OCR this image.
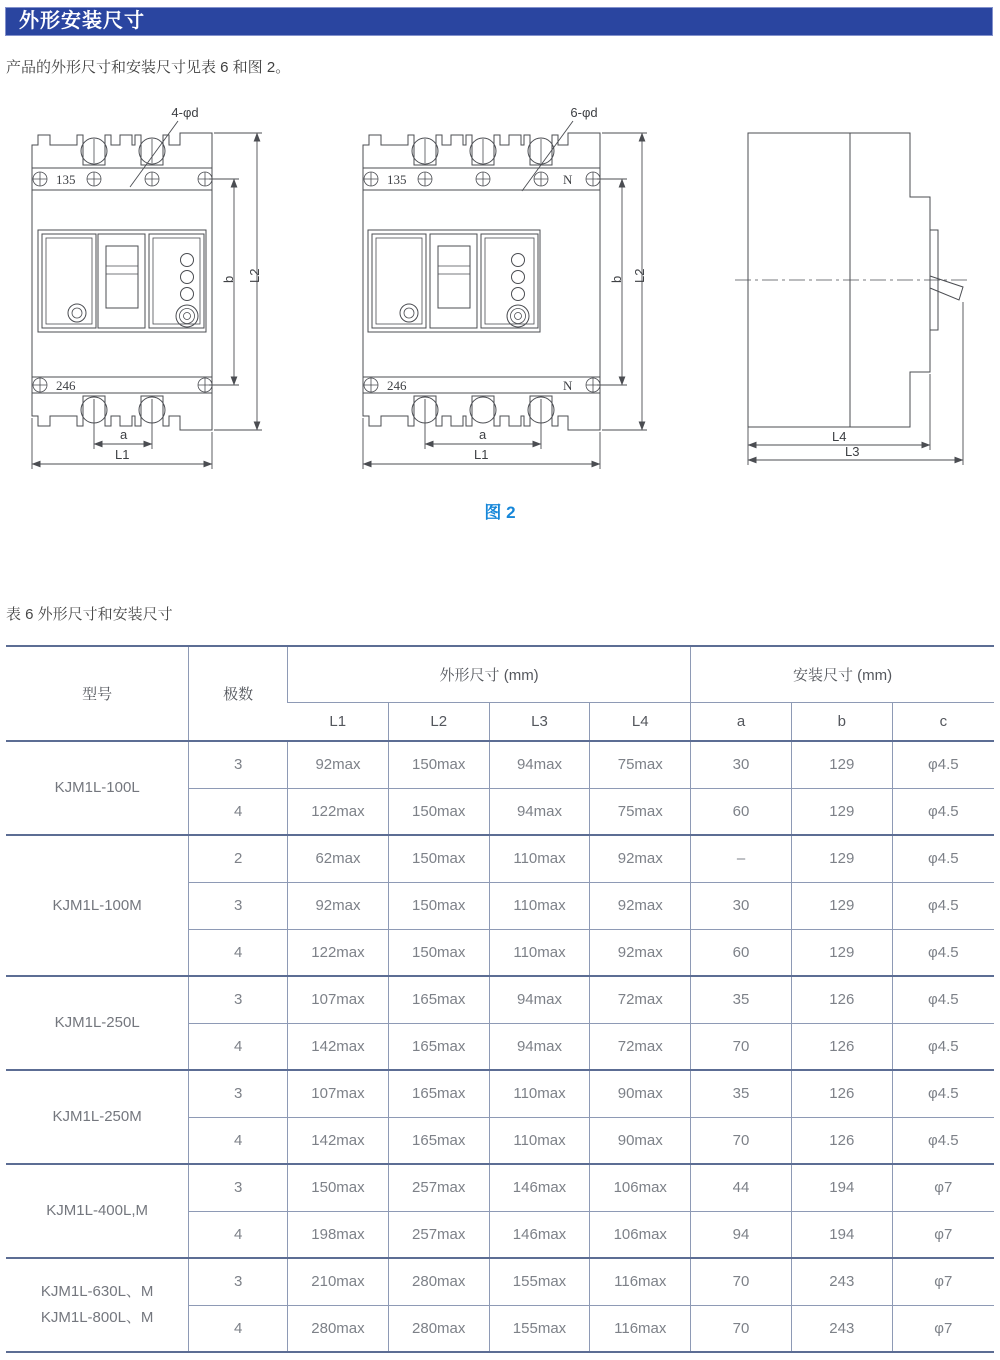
外形安装尺寸
产品的外形尺寸和安装尺寸见表 6 和图 2。
135
246
a
L1
b L2
4-φd
135	N
246	N
a
L1
b L2
6-φd
L4
L3
图 2
表 6 外形尺寸和安装尺寸
型号	极数	外形尺寸 (mm)				安装尺寸 (mm)		
		L1	L2	L3	L4	a	b	c

KJM1L-100L	3	92max	150max	94max	75max	30	129	φ4.5
	4	122max	150max	94max	75max	60	129	φ4.5

KJM1L-100M	2	62max	150max	110max	92max	–	129	φ4.5
	3	92max	150max	110max	92max	30	129	φ4.5
	4	122max	150max	110max	92max	60	129	φ4.5

KJM1L-250L	3	107max	165max	94max	72max	35	126	φ4.5
	4	142max	165max	94max	72max	70	126	φ4.5

KJM1L-250M	3	107max	165max	110max	90max	35	126	φ4.5
	4	142max	165max	110max	90max	70	126	φ4.5

KJM1L-400L,M	3	150max	257max	146max	106max	44	194	φ7
	4	198max	257max	146max	106max	94	194	φ7

KJM1L-630L、M
KJM1L-800L、M	3	210max	280max	155max	116max	70	243	φ7
	4	280max	280max	155max	116max	70	243	φ7
